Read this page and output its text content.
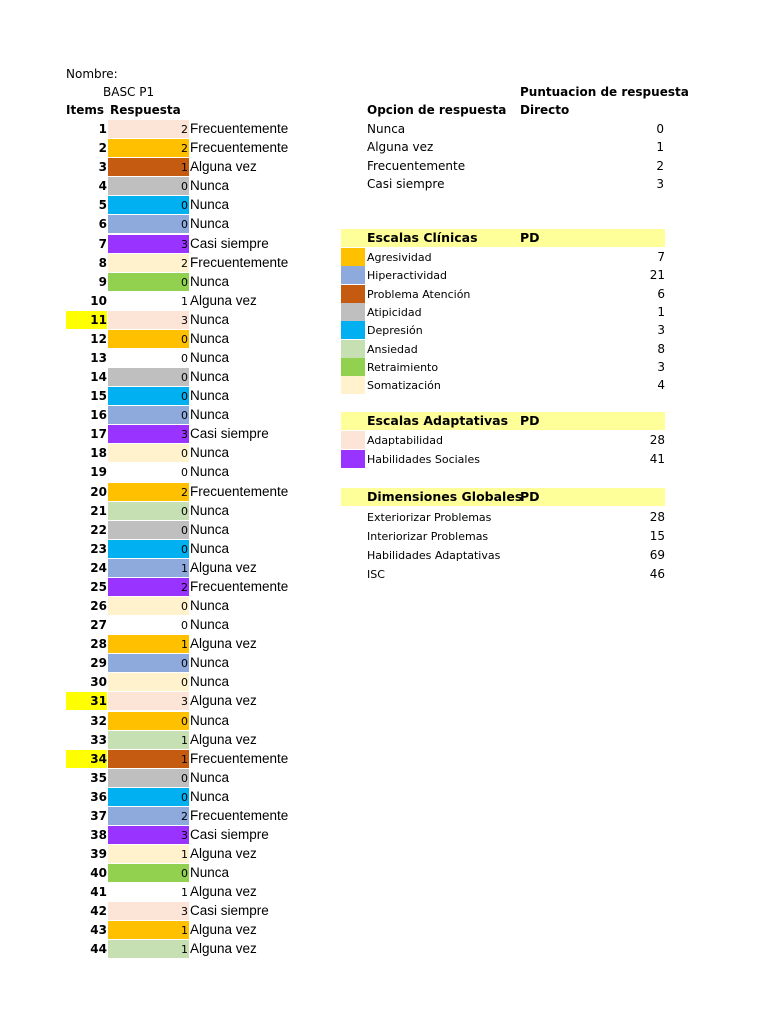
Nombre:
BASC P1
Items Respuesta	Opcion de respuesta
Puntuacion de respuesta
Directo
1	2 Frecuentemente
2	2 Frecuentemente
3	1 Alguna vez
4	0 Nunca
5	0 Nunca
6	0 Nunca
7	3 Casi siempre
8	2 Frecuentemente
9	0 Nunca
10	1 Alguna vez
11	3 Nunca
12	0 Nunca
13	0 Nunca
14	0 Nunca
15	0 Nunca
16	0 Nunca
17	3 Casi siempre
18	0 Nunca
19	0 Nunca
20	2 Frecuentemente
21	0 Nunca
22	0 Nunca
23	0 Nunca
24	1 Alguna vez
25	2 Frecuentemente
26	0 Nunca
27	0 Nunca
28	1 Alguna vez
29	0 Nunca
30	0 Nunca
31	3 Alguna vez
32	0 Nunca
33	1 Alguna vez
34	1 Frecuentemente
35	0 Nunca
36	0 Nunca
37	2 Frecuentemente
38	3 Casi siempre
39	1 Alguna vez
40	0 Nunca
41	1 Alguna vez
42	3 Casi siempre
43	1 Alguna vez
44	1 Alguna vez
Nunca	0
Alguna vez	1
Frecuentemente	2
Casi siempre	3
Escalas Clínicas	PD
Agresividad	7
Hiperactividad	21
Problema Atención	6
Atipicidad	1
Depresión	3
Ansiedad	8
Retraimiento	3
Somatización	4
Escalas Adaptativas PD
Adaptabilidad	28
Habilidades Sociales	41
Dimensiones Globales
PD
Exteriorizar Problemas	28
Interiorizar Problemas	15
Habilidades Adaptativas	69
ISC	46
